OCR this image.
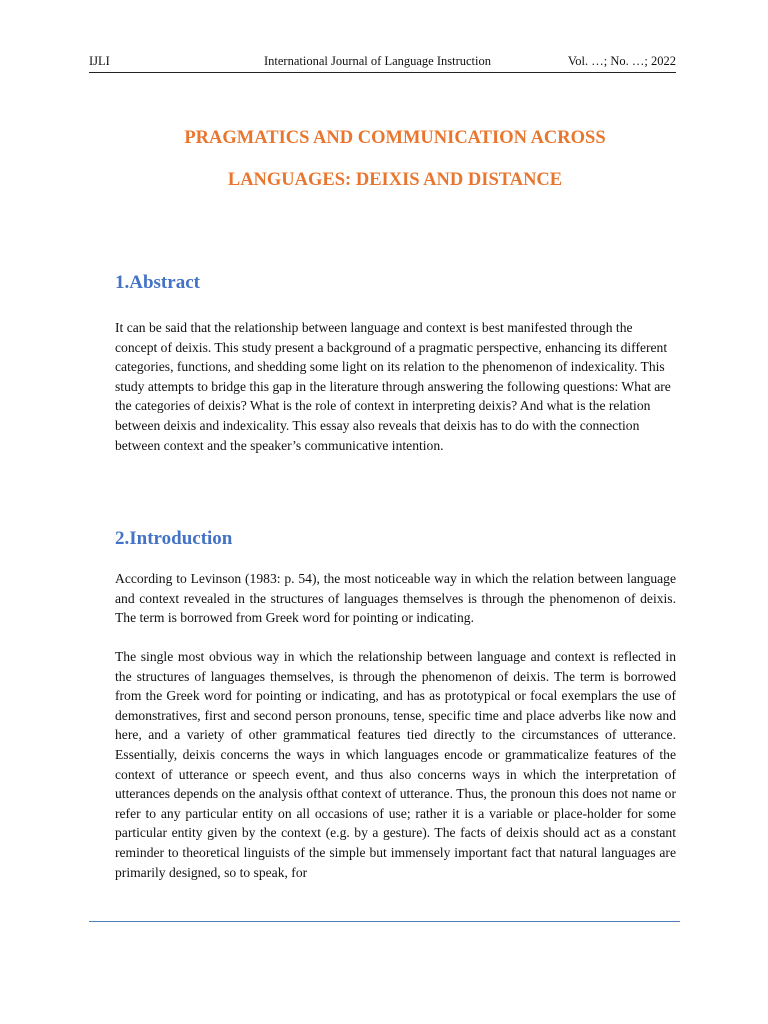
IJLI	International Journal of Language Instruction	Vol. …; No. …; 2022
PRAGMATICS AND COMMUNICATION ACROSS
LANGUAGES: DEIXIS AND DISTANCE
1.Abstract

It can be said that the relationship between language and context is best manifested through the concept of deixis. This study present a background of a pragmatic perspective, enhancing its different categories, functions, and shedding some light on its relation to the phenomenon of indexicality. This study attempts to bridge this gap in the literature through answering the following questions: What are the categories of deixis? What is the role of context in interpreting deixis? And what is the relation between deixis and indexicality. This essay also reveals that deixis has to do with the connection between context and the speaker’s communicative intention.

2.Introduction

According to Levinson (1983: p. 54), the most noticeable way in which the relation between language and context revealed in the structures of languages themselves is through the phenomenon of deixis. The term is borrowed from Greek word for pointing or indicating.

The single most obvious way in which the relationship between language and context is reflected in the structures of languages themselves, is through the phenomenon of deixis. The term is borrowed from the Greek word for pointing or indicating, and has as prototypical or focal exemplars the use of demonstratives, first and second person pronouns, tense, specific time and place adverbs like now and here, and a variety of other grammatical features tied directly to the circumstances of utterance. Essentially, deixis concerns the ways in which languages encode or grammaticalize features of the context of utterance or speech event, and thus also concerns ways in which the interpretation of utterances depends on the analysis ofthat context of utterance. Thus, the pronoun this does not name or refer to any particular entity on all occasions of use; rather it is a variable or place-holder for some particular entity given by the context (e.g. by a gesture). The facts of deixis should act as a constant reminder to theoretical linguists of the simple but immensely important fact that natural languages are primarily designed, so to speak, for
